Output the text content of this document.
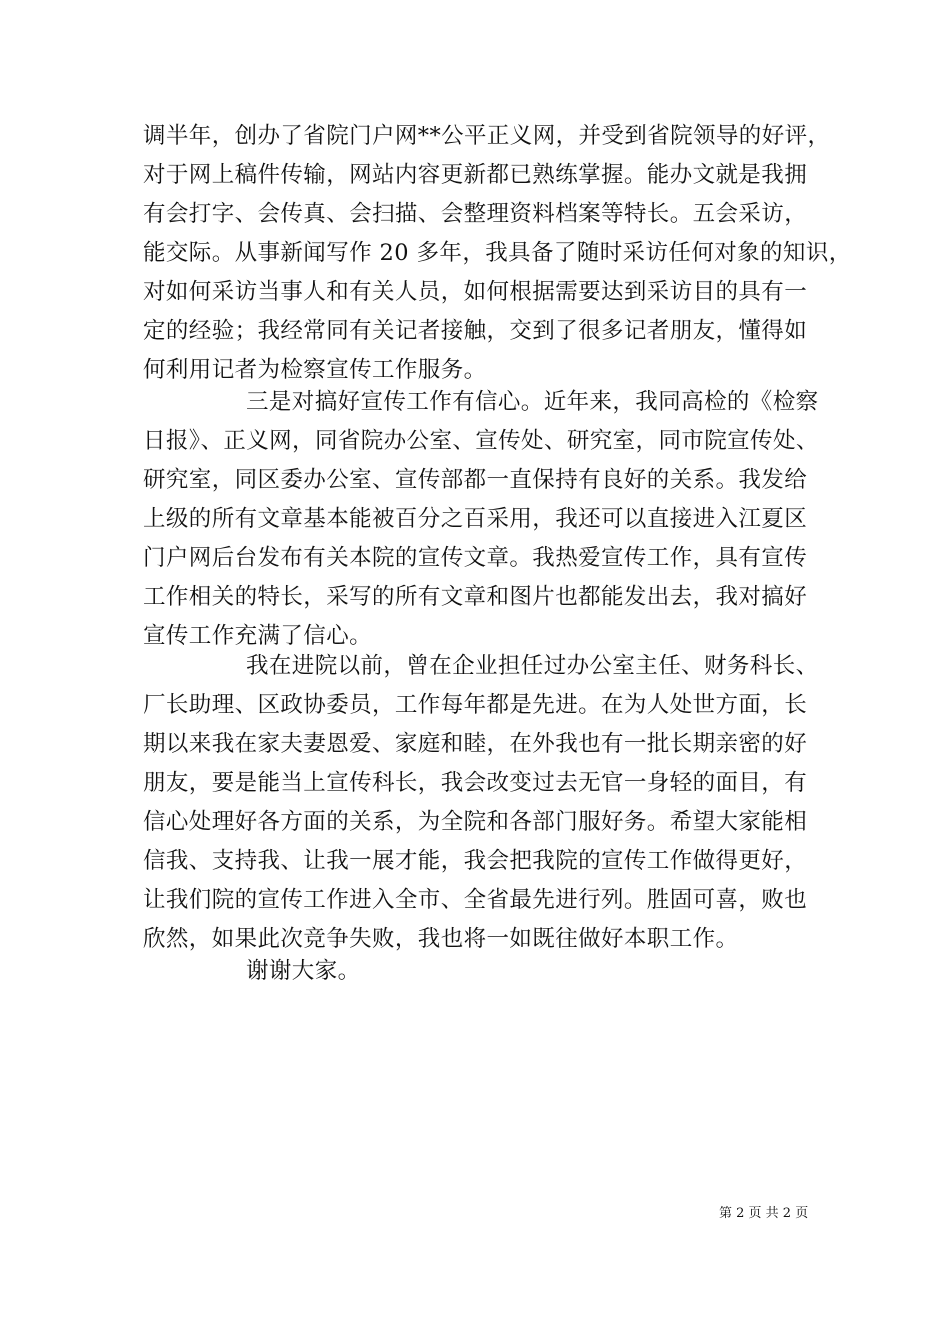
调半年，创办了省院门户网**公平正义网，并受到省院领导的好评，
对于网上稿件传输，网站内容更新都已熟练掌握。能办文就是我拥
有会打字、会传真、会扫描、会整理资料档案等特长。五会采访，
能交际。从事新闻写作 20 多年，我具备了随时采访任何对象的知识，
对如何采访当事人和有关人员，如何根据需要达到采访目的具有一
定的经验；我经常同有关记者接触，交到了很多记者朋友，懂得如
何利用记者为检察宣传工作服务。
三是对搞好宣传工作有信心。近年来，我同高检的《检察
日报》、正义网，同省院办公室、宣传处、研究室，同市院宣传处、
研究室，同区委办公室、宣传部都一直保持有良好的关系。我发给
上级的所有文章基本能被百分之百采用，我还可以直接进入江夏区
门户网后台发布有关本院的宣传文章。我热爱宣传工作，具有宣传
工作相关的特长，采写的所有文章和图片也都能发出去，我对搞好
宣传工作充满了信心。
我在进院以前，曾在企业担任过办公室主任、财务科长、
厂长助理、区政协委员，工作每年都是先进。在为人处世方面，长
期以来我在家夫妻恩爱、家庭和睦，在外我也有一批长期亲密的好
朋友，要是能当上宣传科长，我会改变过去无官一身轻的面目，有
信心处理好各方面的关系，为全院和各部门服好务。希望大家能相
信我、支持我、让我一展才能，我会把我院的宣传工作做得更好，
让我们院的宣传工作进入全市、全省最先进行列。胜固可喜，败也
欣然，如果此次竞争失败，我也将一如既往做好本职工作。
谢谢大家。
第 2 页 共 2 页
